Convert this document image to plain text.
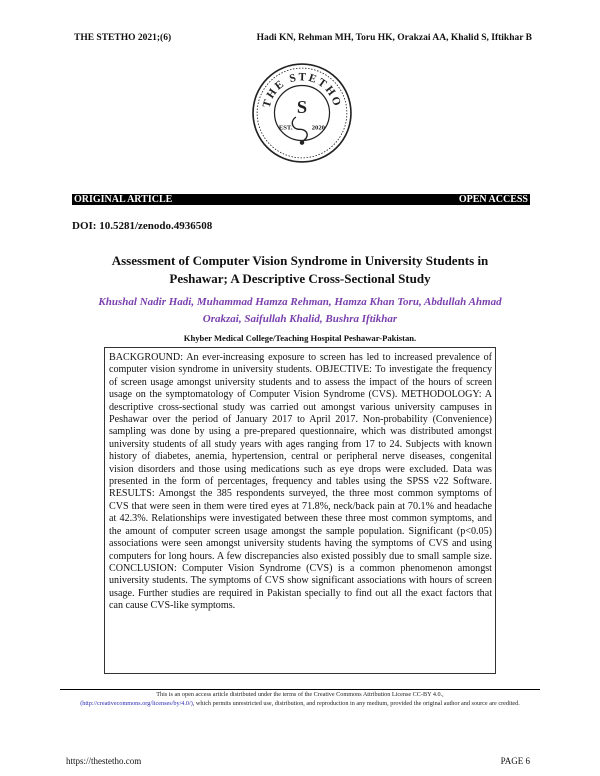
THE STETHO 2021;(6)	Hadi KN, Rehman MH, Toru HK, Orakzai AA, Khalid S, Iftikhar B
THE STETHO
S
EST.	2020
ORIGINAL ARTICLE	OPEN ACCESS
DOI: 10.5281/zenodo.4936508
Assessment of Computer Vision Syndrome in University Students in Peshawar; A Descriptive Cross-Sectional Study

Khushal Nadir Hadi, Muhammad Hamza Rehman, Hamza Khan Toru, Abdullah Ahmad Orakzai, Saifullah Khalid, Bushra Iftikhar

Khyber Medical College/Teaching Hospital Peshawar-Pakistan.

BACKGROUND: An ever-increasing exposure to screen has led to increased prevalence of computer vision syndrome in university students. OBJECTIVE: To investigate the frequency of screen usage amongst university students and to assess the impact of the hours of screen usage on the symptomatology of Computer Vision Syndrome (CVS). METHODOLOGY: A descriptive cross-sectional study was carried out amongst various university campuses in Peshawar over the period of January 2017 to April 2017. Non-probability (Convenience) sampling was done by using a pre-prepared questionnaire, which was distributed amongst university students of all study years with ages ranging from 17 to 24. Subjects with known history of diabetes, anemia, hypertension, central or peripheral nerve diseases, congenital vision disorders and those using medications such as eye drops were excluded. Data was presented in the form of percentages, frequency and tables using the SPSS v22 Software. RESULTS: Amongst the 385 respondents surveyed, the three most common symptoms of CVS that were seen in them were tired eyes at 71.8%, neck/back pain at 70.1% and headache at 42.3%. Relationships were investigated between these three most common symptoms, and the amount of computer screen usage amongst the sample population. Significant (p<0.05) associations were seen amongst university students having the symptoms of CVS and using computers for long hours. A few discrepancies also existed possibly due to small sample size. CONCLUSION: Computer Vision Syndrome (CVS) is a common phenomenon amongst university students. The symptoms of CVS show significant associations with hours of screen usage. Further studies are required in Pakistan specially to find out all the exact factors that can cause CVS-like symptoms.

This is an open access article distributed under the terms of the Creative Commons Attribution License CC-BY 4.0.,
(http://creativecommons.org/licenses/by/4.0/), which permits unrestricted use, distribution, and reproduction in any medium, provided the original author and source are credited.

https://thestetho.com	PAGE 6
